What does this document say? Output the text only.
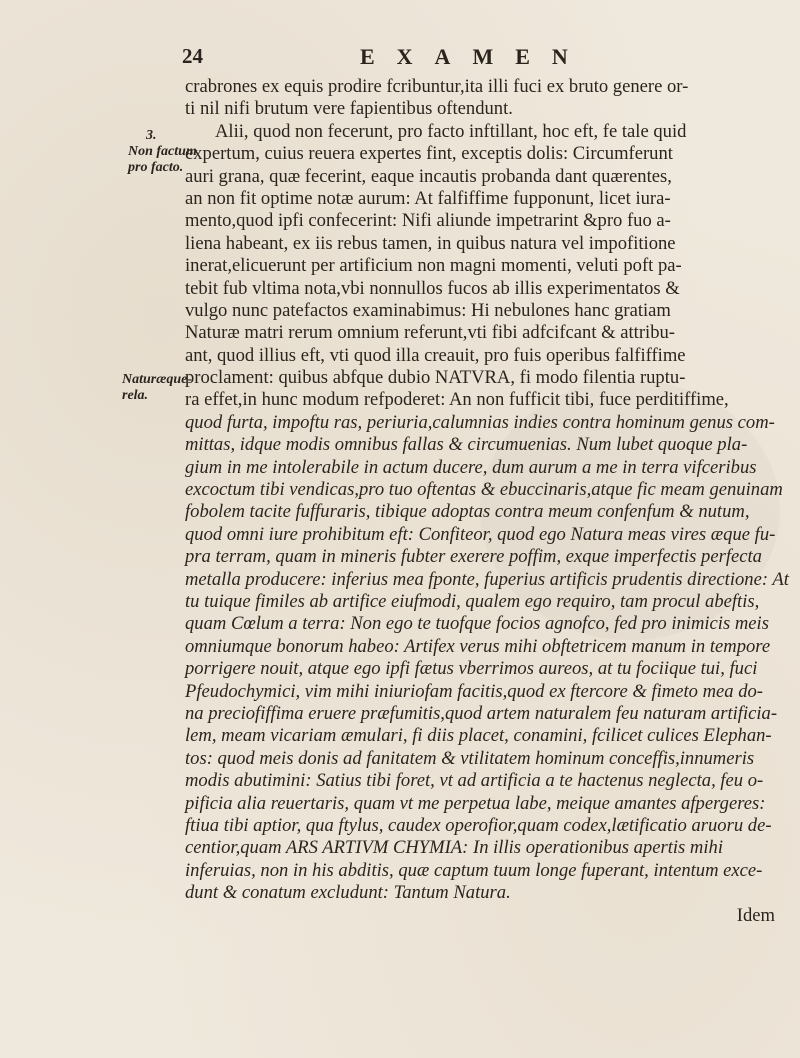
24	EXAMEN
3.
Non factum
pro facto.
Naturæque-
rela.
crabrones ex equis prodire fcribuntur,ita illi fuci ex bruto genere or-
ti nil nifi brutum vere fapientibus oftendunt.
Alii, quod non fecerunt, pro facto inftillant, hoc eft, fe tale quid
expertum, cuius reuera expertes fint, exceptis dolis: Circumferunt
auri grana, quæ fecerint, eaque incautis probanda dant quærentes,
an non fit optime notæ aurum: At falfiffime fupponunt, licet iura-
mento,quod ipfi confecerint: Nifi aliunde impetrarint &pro fuo a-
liena habeant, ex iis rebus tamen, in quibus natura vel impofitione
inerat,elicuerunt per artificium non magni momenti, veluti poft pa-
tebit fub vltima nota,vbi nonnullos fucos ab illis experimentatos &
vulgo nunc patefactos examinabimus: Hi nebulones hanc gratiam
Naturæ matri rerum omnium referunt,vti fibi adfcifcant & attribu-
ant, quod illius eft, vti quod illa creauit, pro fuis operibus falfiffime
proclament: quibus abfque dubio NATVRA, fi modo filentia ruptu-
ra effet,in hunc modum refpoderet: An non fufficit tibi, fuce perditiffime,
quod furta, impoftu ras, periuria,calumnias indies contra hominum genus com-
mittas, idque modis omnibus fallas & circumuenias. Num lubet quoque pla-
gium in me intolerabile in actum ducere, dum aurum a me in terra vifceribus
excoctum tibi vendicas,pro tuo oftentas & ebuccinaris,atque fic meam genuinam
fobolem tacite fuffuraris, tibique adoptas contra meum confenfum & nutum,
quod omni iure prohibitum eft: Confiteor, quod ego Natura meas vires æque fu-
pra terram, quam in mineris fubter exerere poffim, exque imperfectis perfecta
metalla producere: inferius mea fponte, fuperius artificis prudentis directione: At
tu tuique fimiles ab artifice eiufmodi, qualem ego requiro, tam procul abeftis,
quam Cœlum a terra: Non ego te tuofque focios agnofco, fed pro inimicis meis
omniumque bonorum habeo: Artifex verus mihi obftetricem manum in tempore
porrigere nouit, atque ego ipfi fætus vberrimos aureos, at tu fociique tui, fuci
Pfeudochymici, vim mihi iniuriofam facitis,quod ex ftercore & fimeto mea do-
na preciofiffima eruere præfumitis,quod artem naturalem feu naturam artificia-
lem, meam vicariam æmulari, fi diis placet, conamini, fcilicet culices Elephan-
tos: quod meis donis ad fanitatem & vtilitatem hominum conceffis,innumeris
modis abutimini: Satius tibi foret, vt ad artificia a te hactenus neglecta, feu o-
pificia alia reuertaris, quam vt me perpetua labe, meique amantes afpergeres:
ftiua tibi aptior, qua ftylus, caudex operofior,quam codex,lætificatio aruoru de-
centior,quam ARS ARTIVM CHYMIA: In illis operationibus apertis mihi
inferuias, non in his abditis, quæ captum tuum longe fuperant, intentum exce-
dunt & conatum excludunt: Tantum Natura.
Idem
